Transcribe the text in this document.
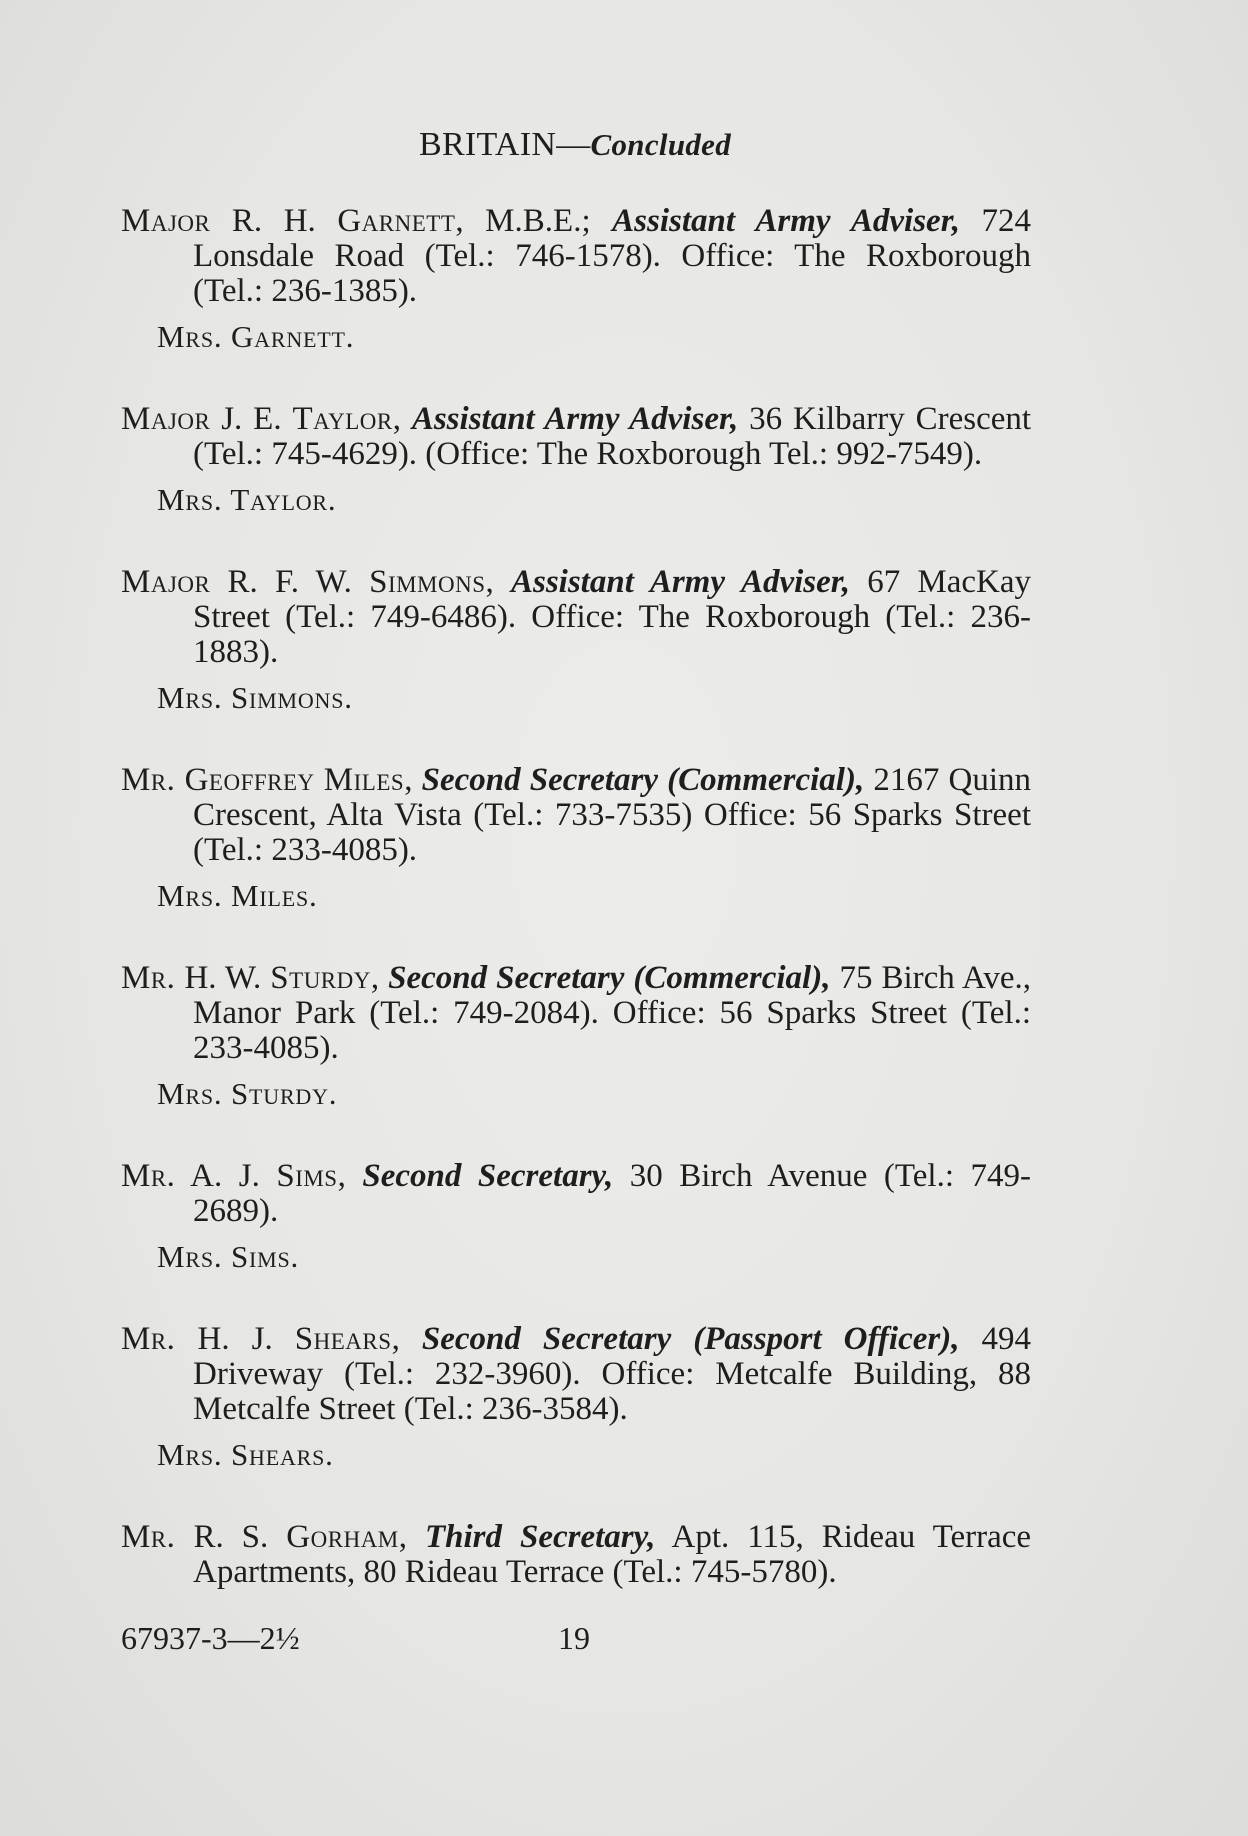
BRITAIN—Concluded

Major R. H. Garnett, M.B.E.; Assistant Army Adviser, 724 Lonsdale Road (Tel.: 746-1578). Office: The Roxborough (Tel.: 236-1385).

Mrs. Garnett.

Major J. E. Taylor, Assistant Army Adviser, 36 Kilbarry Crescent (Tel.: 745-4629). (Office: The Roxborough Tel.: 992-7549).

Mrs. Taylor.

Major R. F. W. Simmons, Assistant Army Adviser, 67 MacKay Street (Tel.: 749-6486). Office: The Roxborough (Tel.: 236-1883).

Mrs. Simmons.

Mr. Geoffrey Miles, Second Secretary (Commercial), 2167 Quinn Crescent, Alta Vista (Tel.: 733-7535) Office: 56 Sparks Street (Tel.: 233-4085).

Mrs. Miles.

Mr. H. W. Sturdy, Second Secretary (Commercial), 75 Birch Ave., Manor Park (Tel.: 749-2084). Office: 56 Sparks Street (Tel.: 233-4085).

Mrs. Sturdy.

Mr. A. J. Sims, Second Secretary, 30 Birch Avenue (Tel.: 749-2689).

Mrs. Sims.

Mr. H. J. Shears, Second Secretary (Passport Officer), 494 Driveway (Tel.: 232-3960). Office: Metcalfe Building, 88 Metcalfe Street (Tel.: 236-3584).

Mrs. Shears.

Mr. R. S. Gorham, Third Secretary, Apt. 115, Rideau Terrace Apartments, 80 Rideau Terrace (Tel.: 745-5780).

67937-3—2½	19
